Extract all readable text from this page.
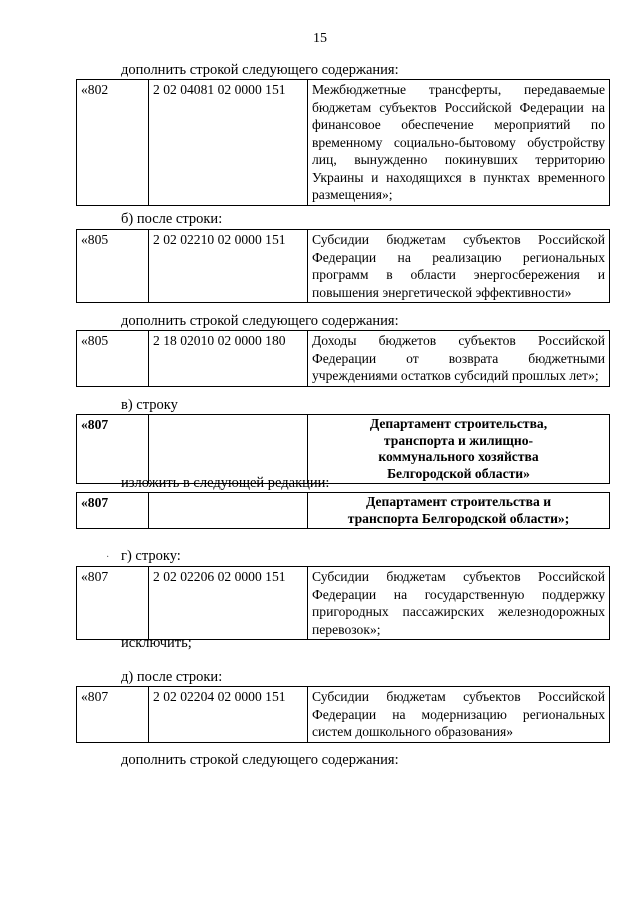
15
дополнить строкой следующего содержания:
«802	2 02 04081 02 0000 151	Межбюджетные трансферты, передаваемые бюджетам субъектов Российской Федерации на финансовое обеспечение мероприятий по временному социально-бытовому обустройству лиц, вынужденно покинувших территорию Украины и находящихся в пунктах временного размещения»;
б) после строки:
«805	2 02 02210 02 0000 151	Субсидии бюджетам субъектов Российской Федерации на реализацию региональных программ в области энергосбережения и повышения энергетической эффективности»
дополнить строкой следующего содержания:
«805	2 18 02010 02 0000 180	Доходы бюджетов субъектов Российской Федерации от возврата бюджетными учреждениями остатков субсидий прошлых лет»;
в) строку
«807		Департамент строительства, транспорта и жилищно-коммунального хозяйства Белгородской области»
изложить в следующей редакции:
«807		Департамент строительства и транспорта Белгородской области»;
· г) строку:
«807	2 02 02206 02 0000 151	Субсидии бюджетам субъектов Российской Федерации на государственную поддержку пригородных пассажирских железнодорожных перевозок»;
исключить;
д) после строки:
«807	2 02 02204 02 0000 151	Субсидии бюджетам субъектов Российской Федерации на модернизацию региональных систем дошкольного образования»
дополнить строкой следующего содержания:
